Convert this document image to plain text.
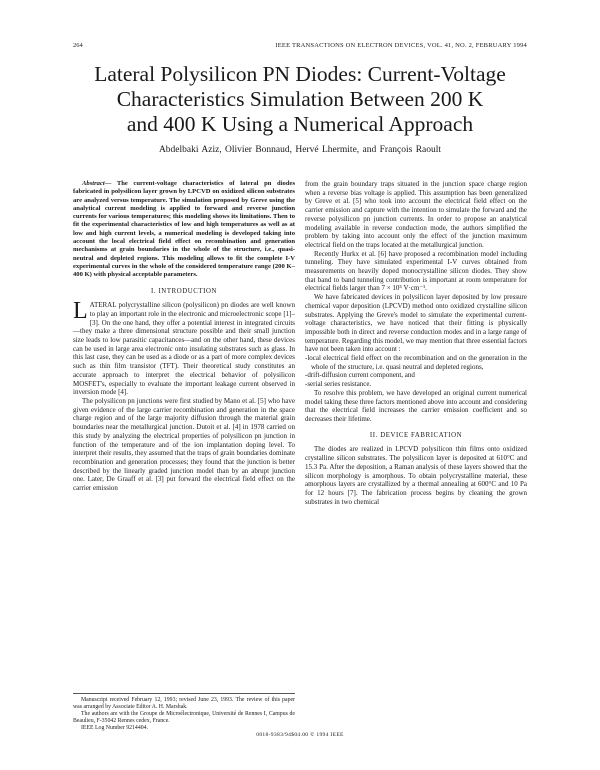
264	IEEE TRANSACTIONS ON ELECTRON DEVICES, VOL. 41, NO. 2, FEBRUARY 1994
Lateral Polysilicon PN Diodes: Current-Voltage
Characteristics Simulation Between 200 K
and 400 K Using a Numerical Approach
Abdelbaki Aziz, Olivier Bonnaud, Hervé Lhermite, and François Raoult

Abstract— The current-voltage characteristics of lateral pn diodes fabricated in polysilicon layer grown by LPCVD on oxidized silicon substrates are analyzed versus temperature. The simulation proposed by Greve using the analytical current modeling is applied to forward and reverse junction currents for various temperatures; this modeling shows its limitations. Then to fit the experimental characteristics of low and high temperatures as well as at low and high current levels, a numerical modeling is developed taking into account the local electrical field effect on recombination and generation mechanisms at grain boundaries in the whole of the structure, i.e., quasi-neutral and depleted regions. This modeling allows to fit the complete I-V experimental curves in the whole of the considered temperature range (200 K–400 K) with physical acceptable parameters.

I. INTRODUCTION

LATERAL polycrystalline silicon (polysilicon) pn diodes are well known to play an important role in the electronic and microelectronic scope [1]–[3]. On the one hand, they offer a potential interest in integrated circuits—they make a three dimensional structure possible and their small junction size leads to low parasitic capacitances—and on the other hand, these devices can be used in large area electronic onto insulating substrates such as glass. In this last case, they can be used as a diode or as a part of more complex devices such as thin film transistor (TFT). Their theoretical study constitutes an accurate approach to interpret the electrical behavior of polysilicon MOSFET's, especially to evaluate the important leakage current observed in inversion mode [4].

The polysilicon pn junctions were first studied by Mano et al. [5] who have given evidence of the large carrier recombination and generation in the space charge region and of the large majority diffusion through the material grain boundaries near the metallurgical junction. Dutoit et al. [4] in 1978 carried on this study by analyzing the electrical properties of polysilicon pn junction in function of the temperature and of the ion implantation doping level. To interpret their results, they assumed that the traps of grain boundaries dominate recombination and generation processes; they found that the junction is better described by the linearly graded junction model than by an abrupt junction one. Later, De Graaff et al. [3] put forward the electrical field effect on the carrier emission

from the grain boundary traps situated in the junction space charge region when a reverse bias voltage is applied. This assumption has been generalized by Greve et al. [5] who took into account the electrical field effect on the carrier emission and capture with the intention to simulate the forward and the reverse polysilicon pn junction currents. In order to propose an analytical modeling available in reverse conduction mode, the authors simplified the problem by taking into account only the effect of the junction maximum electrical field on the traps located at the metallurgical junction.

Recently Hurkx et al. [6] have proposed a recombination model including tunneling. They have simulated experimental I-V curves obtained from measurements on heavily doped monocrystalline silicon diodes. They show that band to band tunneling contribution is important at room temperature for electrical fields larger than 7 × 10⁵ V·cm⁻¹.

We have fabricated devices in polysilicon layer deposited by low pressure chemical vapor deposition (LPCVD) method onto oxidized crystalline silicon substrates. Applying the Greve's model to simulate the experimental current-voltage characteristics, we have noticed that their fitting is physically impossible both in direct and reverse conduction modes and in a large range of temperature. Regarding this model, we may mention that three essential factors have not been taken into account :

-local electrical field effect on the recombination and on the generation in the whole of the structure, i.e. quasi neutral and depleted regions,

-drift-diffusion current component, and

-serial series resistance.

To resolve this problem, we have developed an original current numerical model taking these three factors mentioned above into account and considering that the electrical field increases the carrier emission coefficient and so decreases their lifetime.

II. DEVICE FABRICATION

The diodes are realized in LPCVD polysilicon thin films onto oxidized crystalline silicon substrates. The polysilicon layer is deposited at 610°C and 15.3 Pa. After the deposition, a Raman analysis of these layers showed that the silicon morphology is amorphous. To obtain polycrystalline material, these amorphous layers are crystallized by a thermal annealing at 600°C and 10 Pa for 12 hours [7]. The fabrication process begins by cleaning the grown substrates in two chemical

Manuscript received February 12, 1993; revised June 23, 1993. The review of this paper was arranged by Associate Editor A. H. Marshak.

The authors are with the Groupe de Microélectronique, Université de Rennes I, Campus de Beaulieu, F-35042 Rennes cedex, France.

IEEE Log Number 9214404.

0018-9383/94$04.00 © 1994 IEEE
